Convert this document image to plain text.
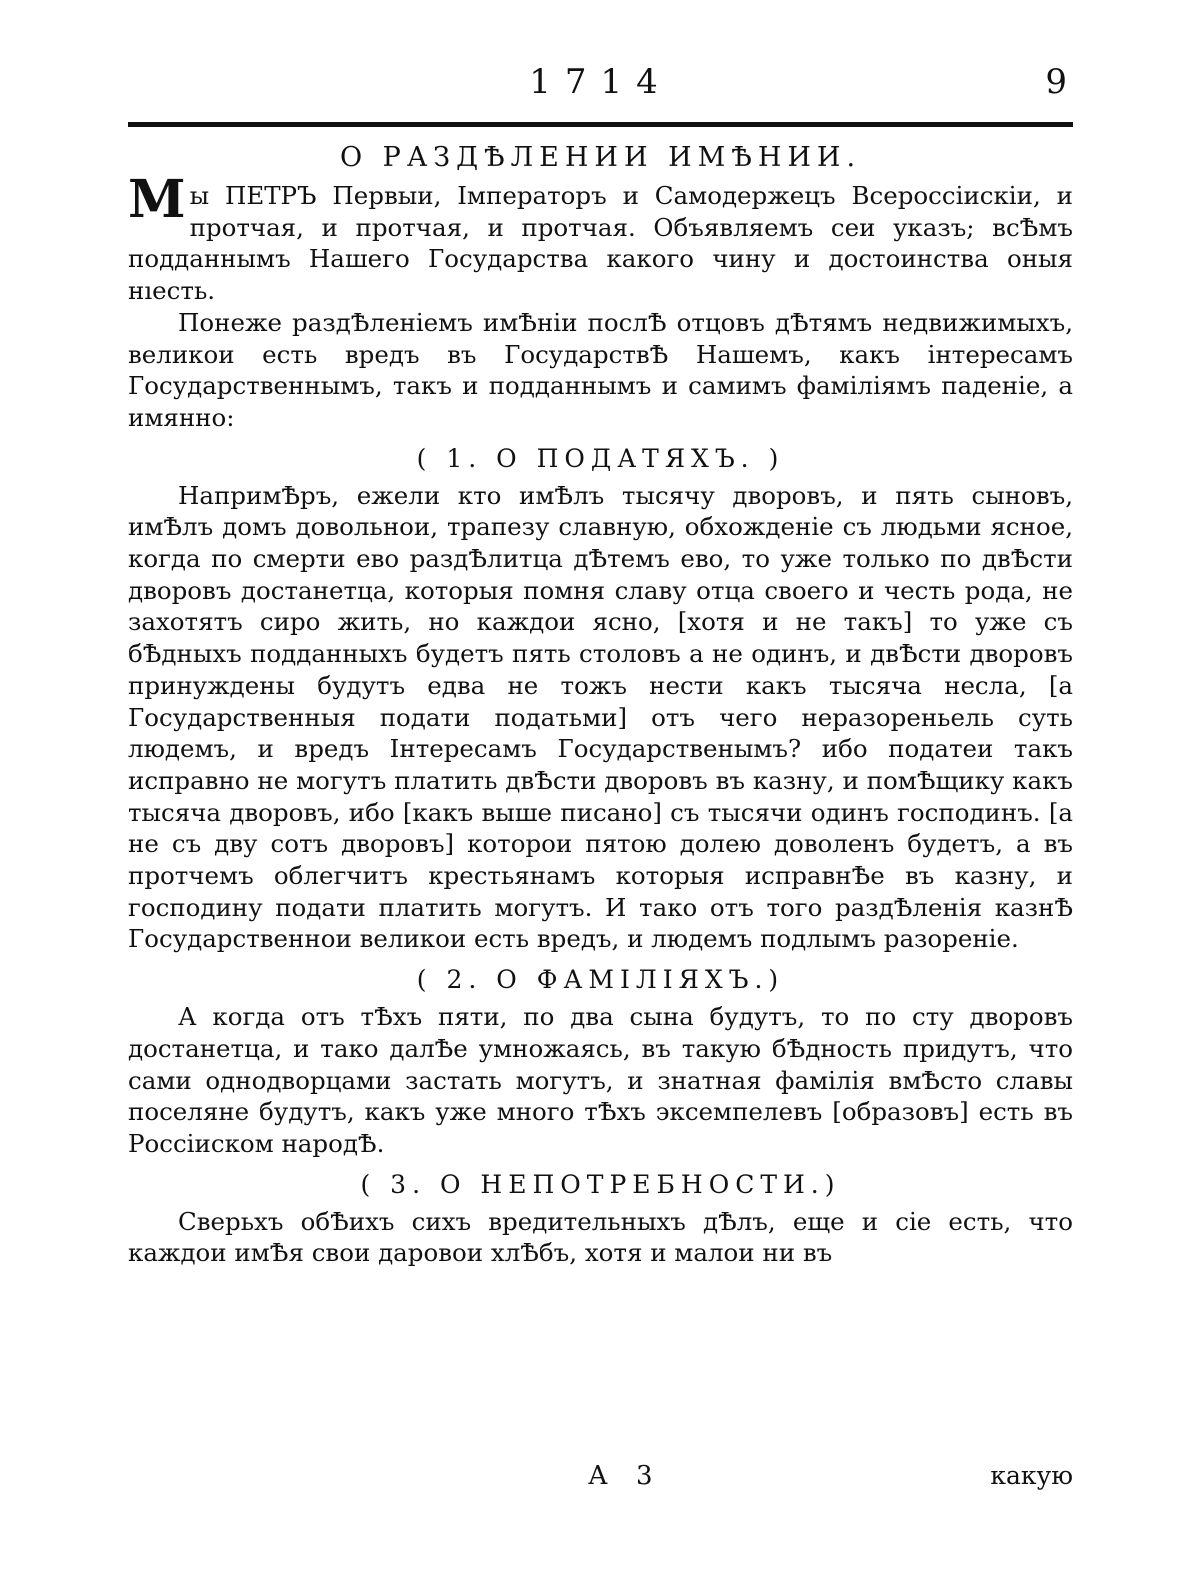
1714	9
О РАЗДѢЛЕНИИ ИМѢНИИ.

Мы ПЕТРЪ Первыи, Імператоръ и Самодержецъ Всероссіискіи, и протчая, и протчая, и протчая. Объявляемъ сеи указъ; всѢмъ подданнымъ Нашего Государства какого чину и достоинства оныя нıесть.

Понеже раздѢленіемъ имѢніи послѢ отцовъ дѢтямъ недвижимыхъ, великои есть вредъ въ ГосударствѢ Нашемъ, какъ інтересамъ Государственнымъ, такъ и подданнымъ и самимъ фаміліямъ паденіе, а имянно:

( 1. О ПОДАТЯХЪ. )

НапримѢръ, ежели кто имѢлъ тысячу дворовъ, и пять сыновъ, имѢлъ домъ довольнои, трапезу славную, обхожденіе съ людьми ясное, когда по смерти ево раздѢлитца дѢтемъ ево, то уже только по двѢсти дворовъ достанетца, которыя помня славу отца своего и честь рода, не захотятъ сиро жить, но каждои ясно, [хотя и не такъ] то уже съ бѢдныхъ подданныхъ будетъ пять столовъ а не одинъ, и двѢсти дворовъ принуждены будутъ едва не тожъ нести какъ тысяча несла, [а Государственныя подати податьми] отъ чего неразореньель суть людемъ, и вредъ Інтересамъ Государственымъ? ибо податеи такъ исправно не могутъ платить двѢсти дворовъ въ казну, и помѢщику какъ тысяча дворовъ, ибо [какъ выше писано] съ тысячи одинъ господинъ. [а не съ дву сотъ дворовъ] которои пятою долею доволенъ будетъ, а въ протчемъ облегчитъ крестьянамъ которыя исправнѢе въ казну, и господину подати платить могутъ. И тако отъ того раздѢленія казнѢ Государственнои великои есть вредъ, и людемъ подлымъ разореніе.

( 2. О ФАМІЛІЯХЪ.)

А когда отъ тѢхъ пяти, по два сына будутъ, то по сту дворовъ достанетца, и тако далѢе умножаясь, въ такую бѢдность придутъ, что сами однодворцами застать могутъ, и знатная фамілія вмѢсто славы поселяне будутъ, какъ уже много тѢхъ эксемпелевъ [образовъ] есть въ Россіиском народѢ.

( 3. О НЕПОТРЕБНОСТИ.)

Сверьхъ обѢихъ сихъ вредительныхъ дѢлъ, еще и сіе есть, что каждои имѢя свои даровои хлѢбъ, хотя и малои ни въ

А 3	какую
